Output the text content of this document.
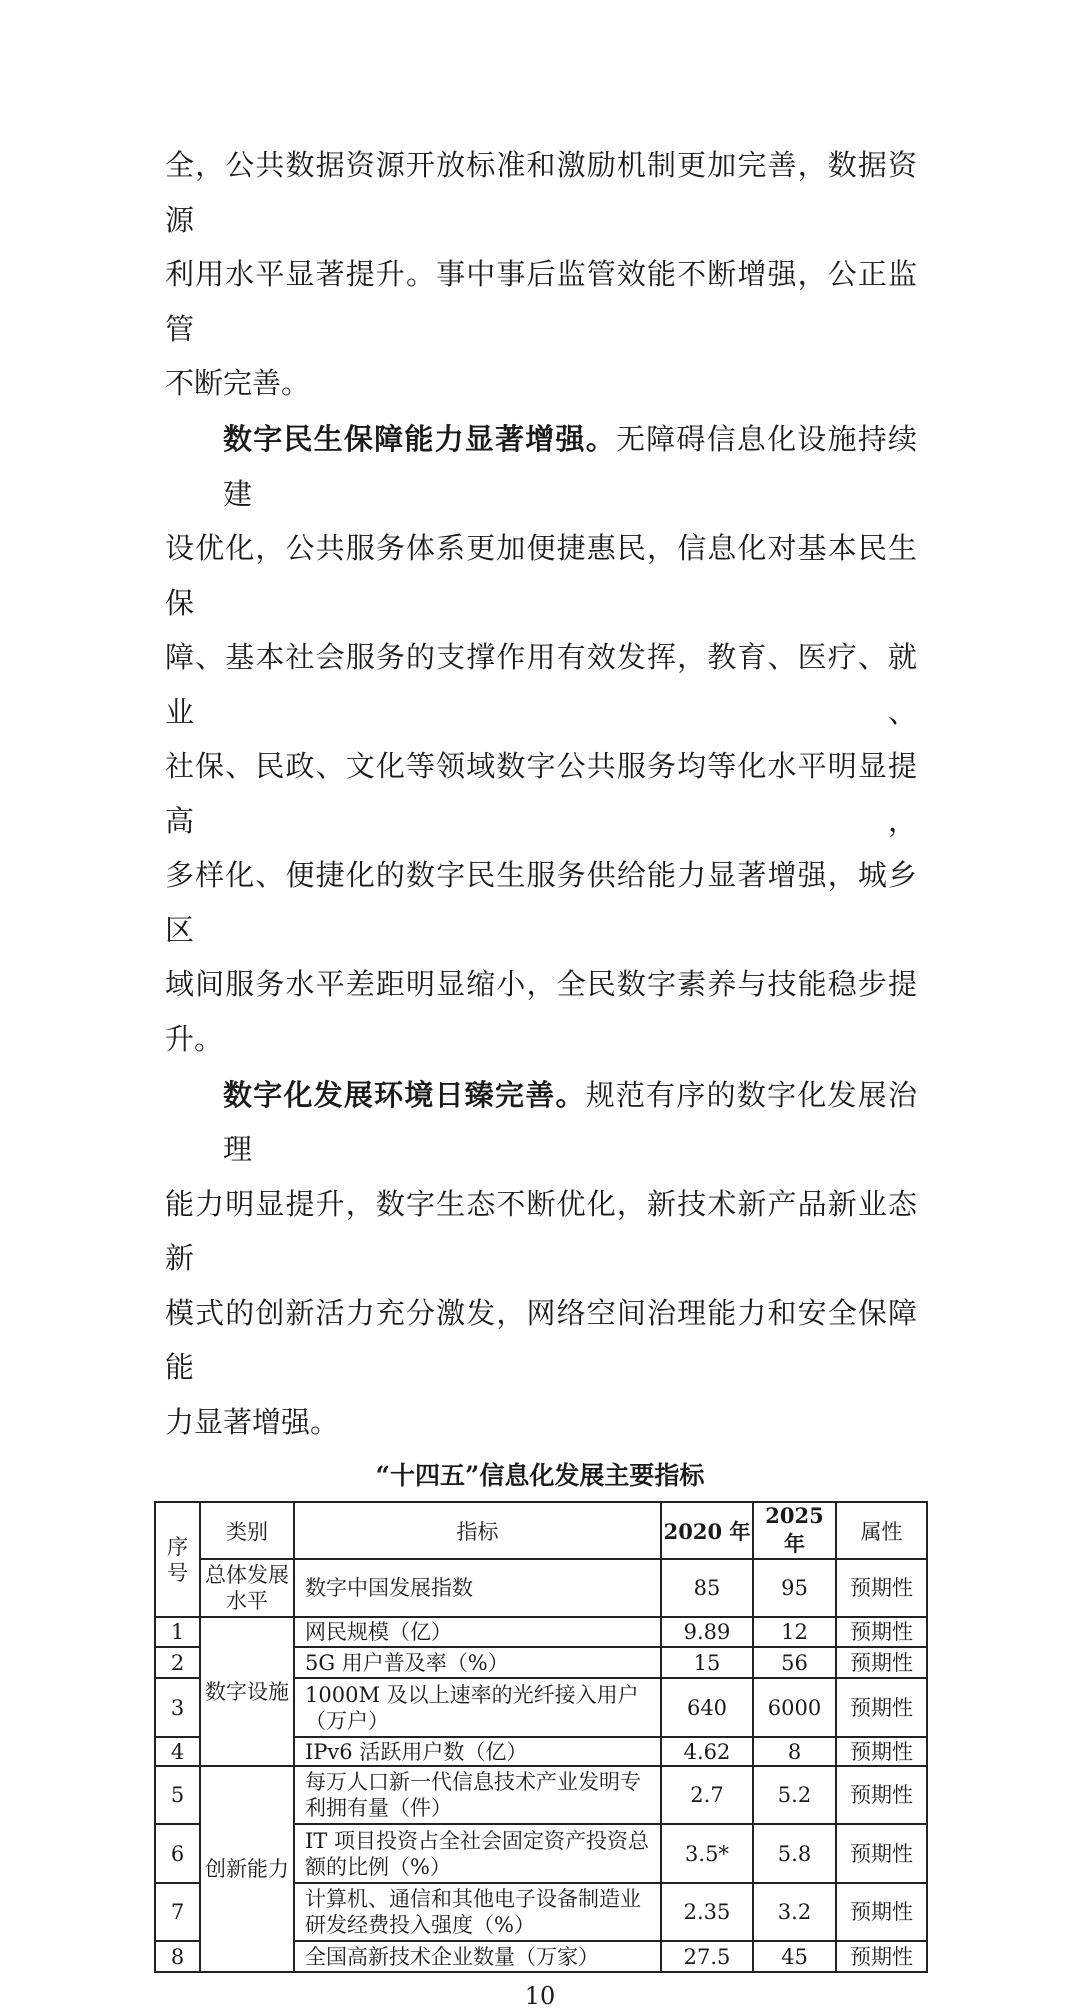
全，公共数据资源开放标准和激励机制更加完善，数据资源
利用水平显著提升。事中事后监管效能不断增强，公正监管
不断完善。
数字民生保障能力显著增强。无障碍信息化设施持续建
设优化，公共服务体系更加便捷惠民，信息化对基本民生保
障、基本社会服务的支撑作用有效发挥，教育、医疗、就业、
社保、民政、文化等领域数字公共服务均等化水平明显提高，
多样化、便捷化的数字民生服务供给能力显著增强，城乡区
域间服务水平差距明显缩小，全民数字素养与技能稳步提
升。
数字化发展环境日臻完善。规范有序的数字化发展治理
能力明显提升，数字生态不断优化，新技术新产品新业态新
模式的创新活力充分激发，网络空间治理能力和安全保障能
力显著增强。
“十四五”信息化发展主要指标
序号	类别	指标	2020 年	2025 年	属性
	总体发展水平	数字中国发展指数	85	95	预期性
1	数字设施	网民规模（亿）	9.89	12	预期性
2		5G 用户普及率（%）	15	56	预期性
3		1000M 及以上速率的光纤接入用户（万户）	640	6000	预期性
4		IPv6 活跃用户数（亿）	4.62	8	预期性
5	创新能力	每万人口新一代信息技术产业发明专利拥有量（件）	2.7	5.2	预期性
6		IT 项目投资占全社会固定资产投资总额的比例（%）	3.5*	5.8	预期性
7		计算机、通信和其他电子设备制造业研发经费投入强度（%）	2.35	3.2	预期性
8		全国高新技术企业数量（万家）	27.5	45	预期性
10
